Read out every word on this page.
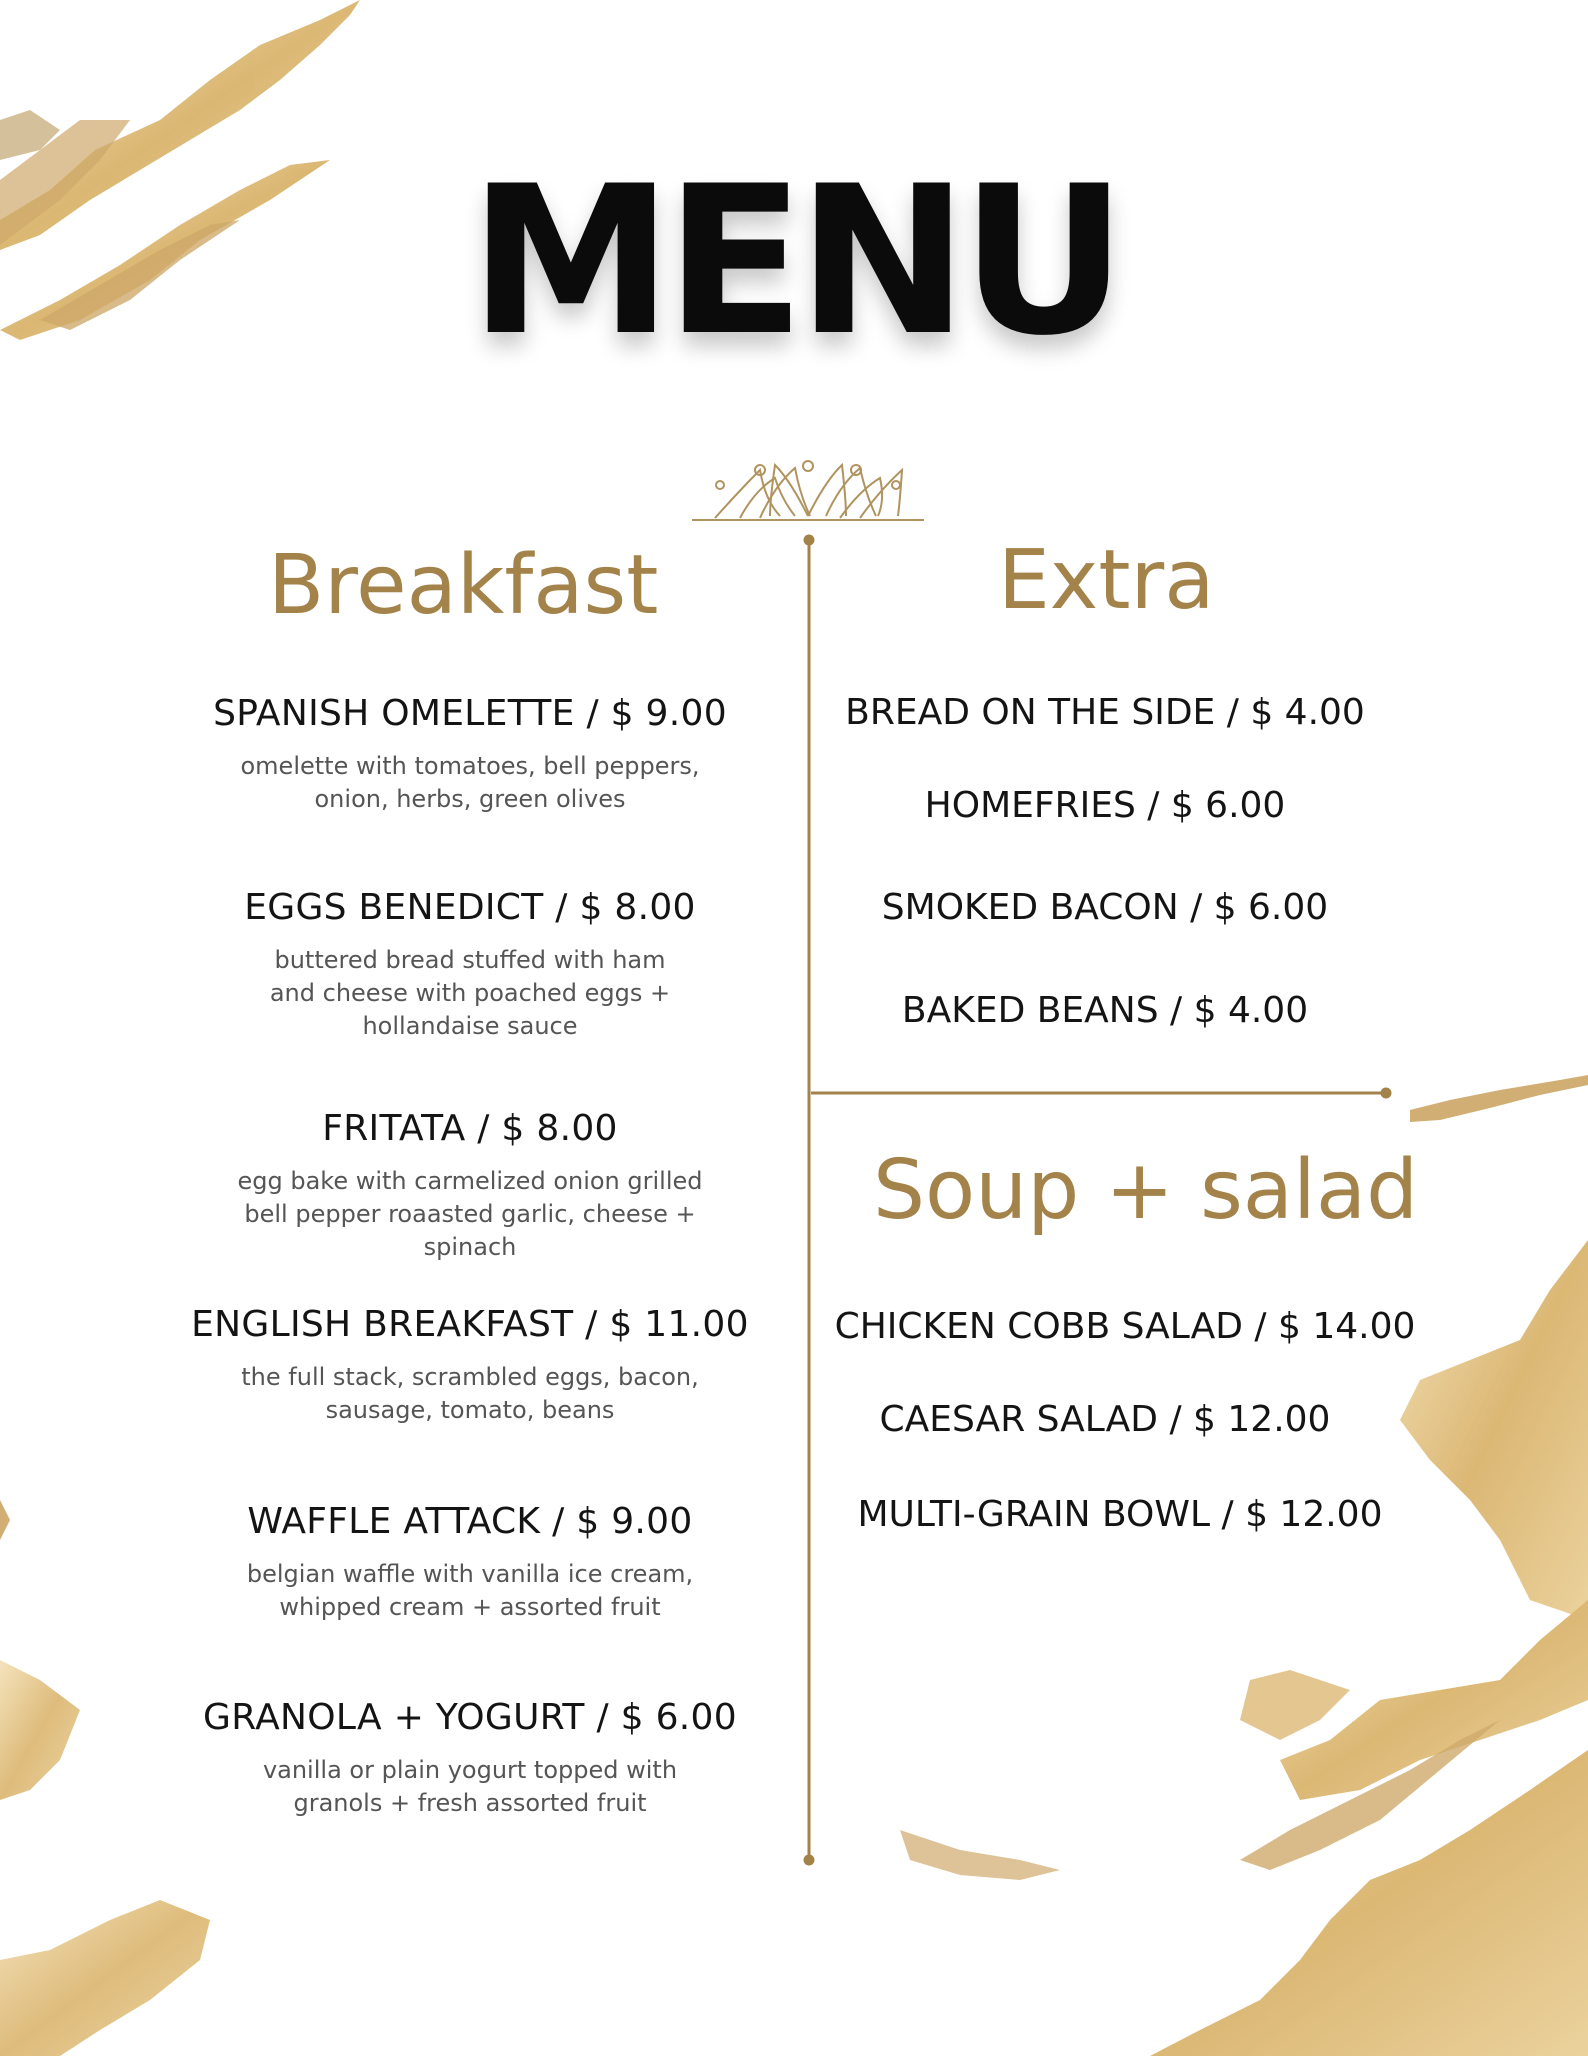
MENU
Breakfast
SPANISH OMELETTE / $ 9.00
omelette with tomatoes, bell peppers, onion, herbs, green olives
EGGS BENEDICT / $ 8.00
buttered bread stuffed with ham and cheese with poached eggs + hollandaise sauce
FRITATA / $ 8.00
egg bake with carmelized onion grilled bell pepper roaasted garlic, cheese + spinach
ENGLISH BREAKFAST / $ 11.00
the full stack, scrambled eggs, bacon, sausage, tomato, beans
WAFFLE ATTACK / $ 9.00
belgian waffle with vanilla ice cream, whipped cream + assorted fruit
GRANOLA + YOGURT / $ 6.00
vanilla or plain yogurt topped with granols + fresh assorted fruit
Extra
BREAD ON THE SIDE / $ 4.00
HOMEFRIES / $ 6.00
SMOKED BACON / $ 6.00
BAKED BEANS / $ 4.00
Soup + salad
CHICKEN COBB SALAD / $ 14.00
CAESAR SALAD / $ 12.00
MULTI-GRAIN BOWL / $ 12.00
